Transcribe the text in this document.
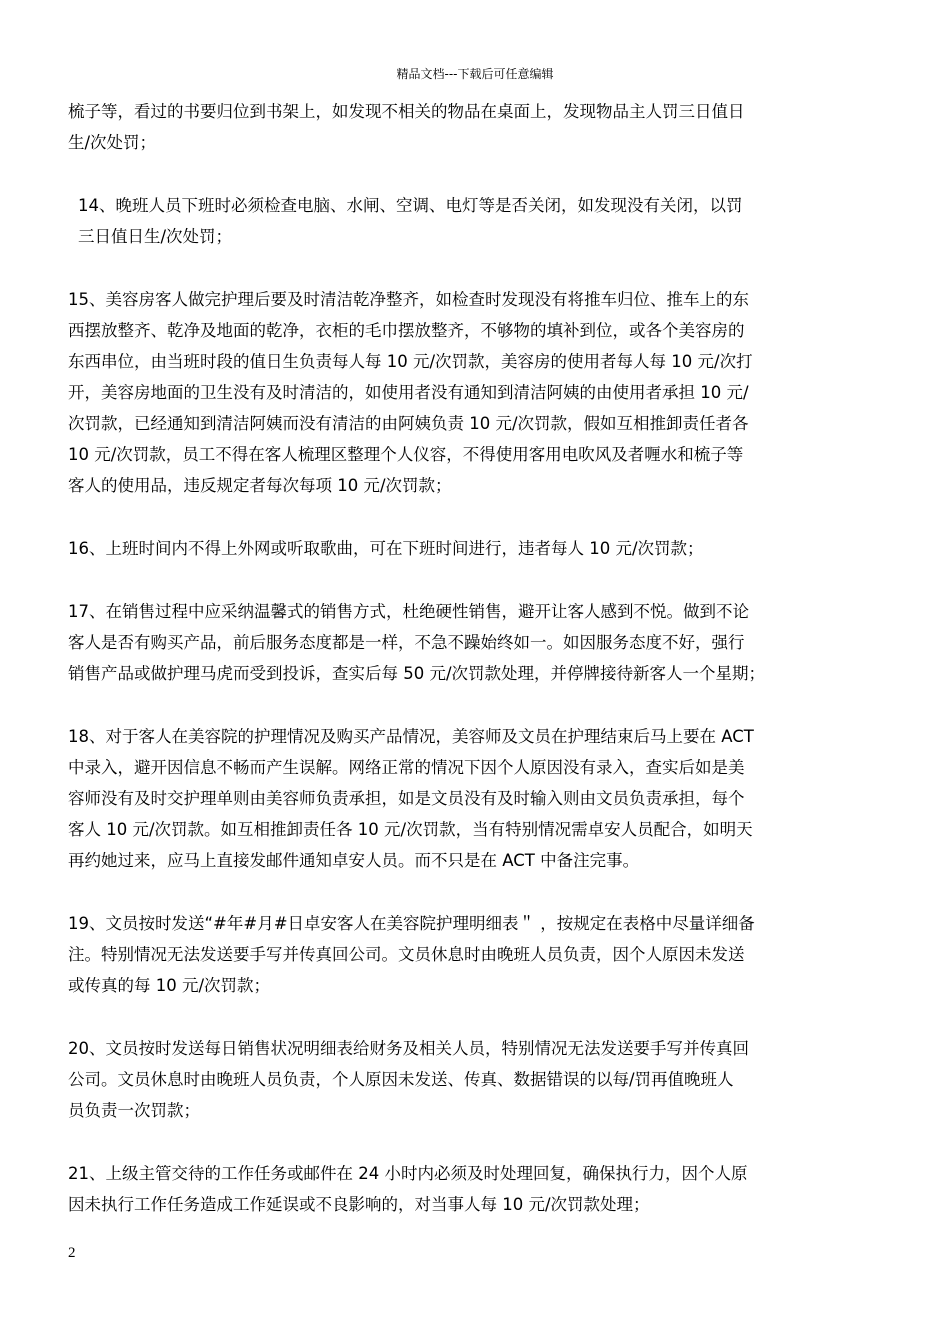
精品文档---下载后可任意编辑

梳子等，看过的书要归位到书架上，如发现不相关的物品在桌面上，发现物品主人罚三日值日
生/次处罚；

14、晚班人员下班时必须检查电脑、水闸、空调、电灯等是否关闭，如发现没有关闭，以罚
三日值日生/次处罚；

15、美容房客人做完护理后要及时清洁乾净整齐，如检查时发现没有将推车归位、推车上的东
西摆放整齐、乾净及地面的乾净，衣柜的毛巾摆放整齐，不够物的填补到位，或各个美容房的
东西串位，由当班时段的值日生负责每人每 10 元/次罚款，美容房的使用者每人每 10 元/次打
开，美容房地面的卫生没有及时清洁的，如使用者没有通知到清洁阿姨的由使用者承担 10 元/
次罚款，已经通知到清洁阿姨而没有清洁的由阿姨负责 10 元/次罚款，假如互相推卸责任者各
10 元/次罚款，员工不得在客人梳理区整理个人仪容，不得使用客用电吹风及者喱水和梳子等
客人的使用品，违反规定者每次每项 10 元/次罚款；

16、上班时间内不得上外网或听取歌曲，可在下班时间进行，违者每人 10 元/次罚款；

17、在销售过程中应采纳温馨式的销售方式，杜绝硬性销售，避开让客人感到不悦。做到不论
客人是否有购买产品，前后服务态度都是一样，不急不躁始终如一。如因服务态度不好，强行
销售产品或做护理马虎而受到投诉，查实后每 50 元/次罚款处理，并停牌接待新客人一个星期；

18、对于客人在美容院的护理情况及购买产品情况，美容师及文员在护理结束后马上要在 ACT
中录入，避开因信息不畅而产生误解。网络正常的情况下因个人原因没有录入，查实后如是美
容师没有及时交护理单则由美容师负责承担，如是文员没有及时输入则由文员负责承担，每个
客人 10 元/次罚款。如互相推卸责任各 10 元/次罚款，当有特别情况需卓安人员配合，如明天
再约她过来，应马上直接发邮件通知卓安人员。而不只是在 ACT 中备注完事。

19、文员按时发送“#年#月#日卓安客人在美容院护理明细表＂ ，按规定在表格中尽量详细备
注。特别情况无法发送要手写并传真回公司。文员休息时由晚班人员负责，因个人原因未发送
或传真的每 10 元/次罚款；

20、文员按时发送每日销售状况明细表给财务及相关人员，特别情况无法发送要手写并传真回
公司。文员休息时由晚班人员负责，个人原因未发送、传真、数据错误的以每/罚再值晚班人
员负责一次罚款；

21、上级主管交待的工作任务或邮件在 24 小时内必须及时处理回复，确保执行力，因个人原
因未执行工作任务造成工作延误或不良影响的，对当事人每 10 元/次罚款处理；

2
